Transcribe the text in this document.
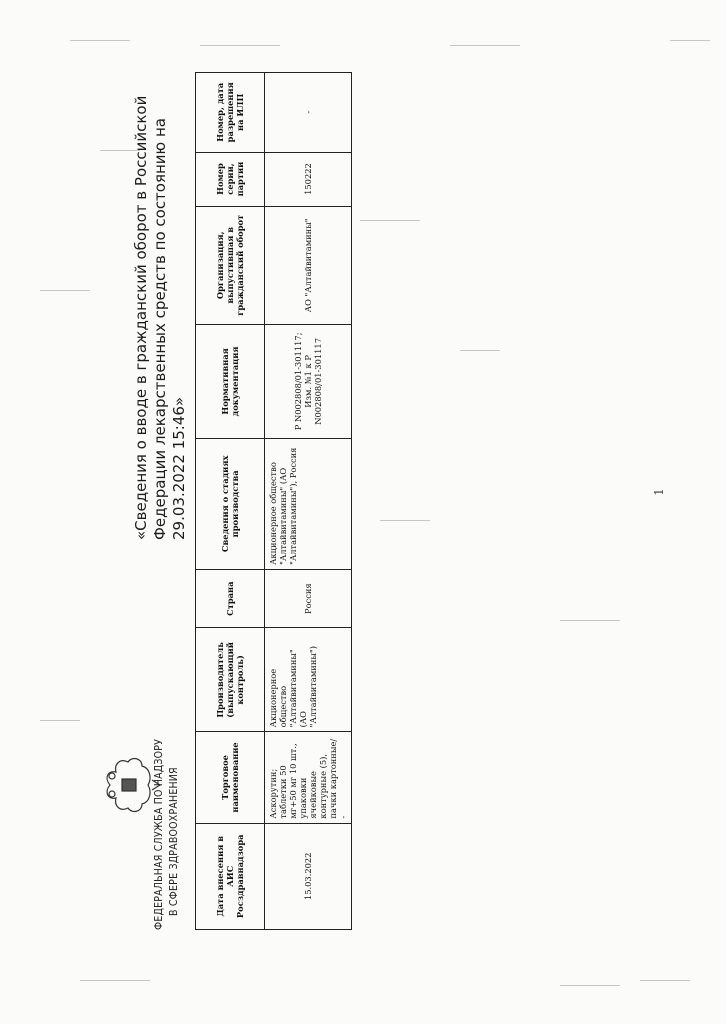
ФЕДЕРАЛЬНАЯ СЛУЖБА ПО НАДЗОРУ В СФЕРЕ ЗДРАВООХРАНЕНИЯ
«Сведения о вводе в гражданский оборот в Российской Федерации лекарственных средств по состоянию на 29.03.2022 15:46»
Дата внесения в АИС Росздравнадзора	Торговое наименование	Производитель (выпускающий контроль)	Страна	Сведения о стадиях производства	Нормативная документация	Организация, выпустившая в гражданский оборот	Номер серии, партии	Номер, дата разрешения на ИЛП
15.03.2022	Аскорутин; таблетки 50 мг+50 мг 10 шт., упаковки ячейковые контурные (5), пачки картонные/ -	Акционерное общество "Алтайвитамины" (АО "Алтайвитамины")	Россия	Акционерное общество "Алтайвитамины" (АО "Алтайвитамины"), Россия	Р N002808/01-301117; Изм. №1 к Р N002808/01-301117	АО "Алтайвитамины"	150222	-
1
